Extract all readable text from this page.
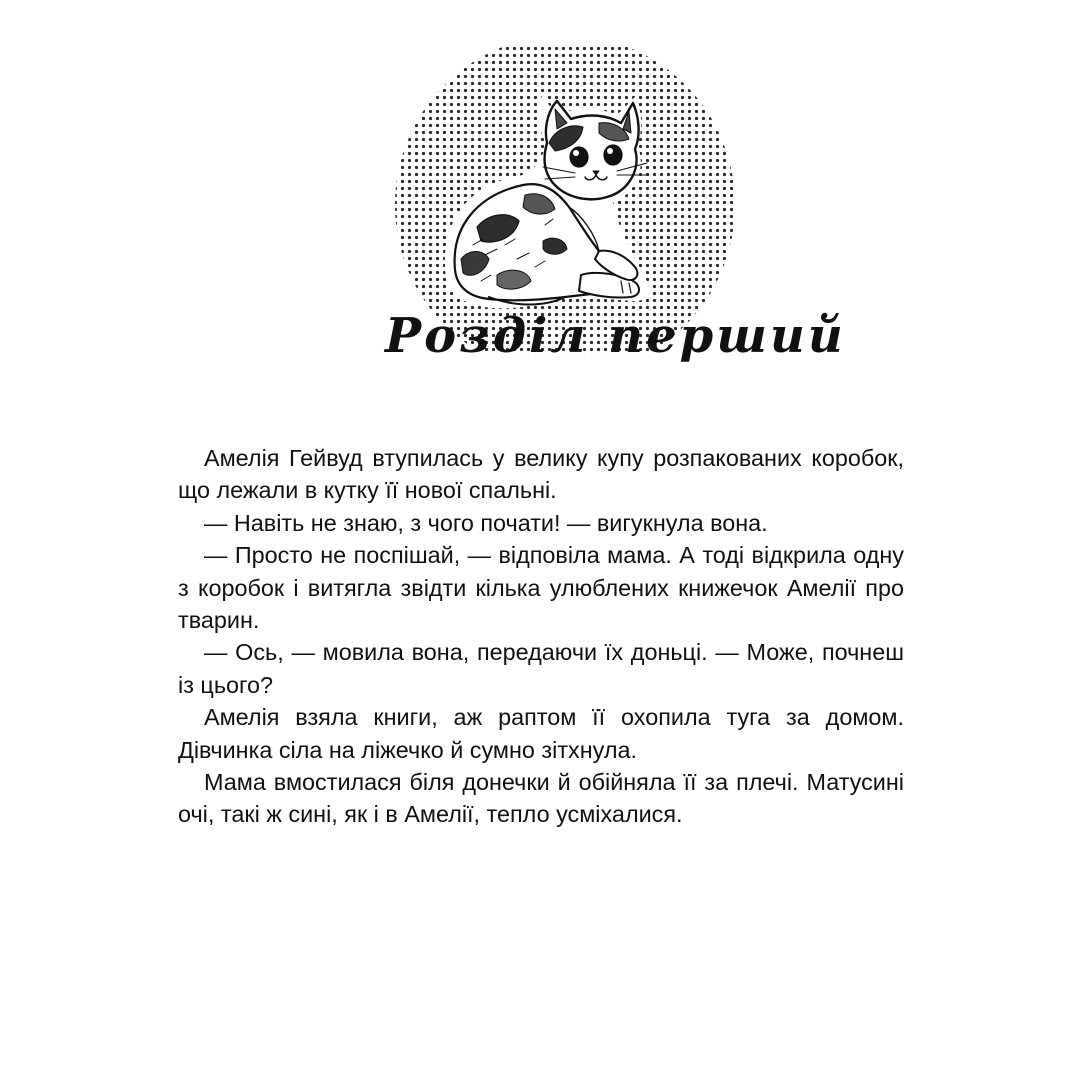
Розділ перший

Амелія Гейвуд втупилась у велику купу розпакованих коробок, що лежали в кутку її нової спальні.

— Навіть не знаю, з чого почати! — вигукнула вона.

— Просто не поспішай, — відповіла мама. А тоді відкрила одну з коробок і витягла звідти кілька улюблених книжечок Амелії про тварин.

— Ось, — мовила вона, передаючи їх доньці. — Може, почнеш із цього?

Амелія взяла книги, аж раптом її охопила туга за домом. Дівчинка сіла на ліжечко й сумно зітхнула.

Мама вмостилася біля донечки й обійняла її за плечі. Матусині очі, такі ж сині, як і в Амелії, тепло усміхалися.
